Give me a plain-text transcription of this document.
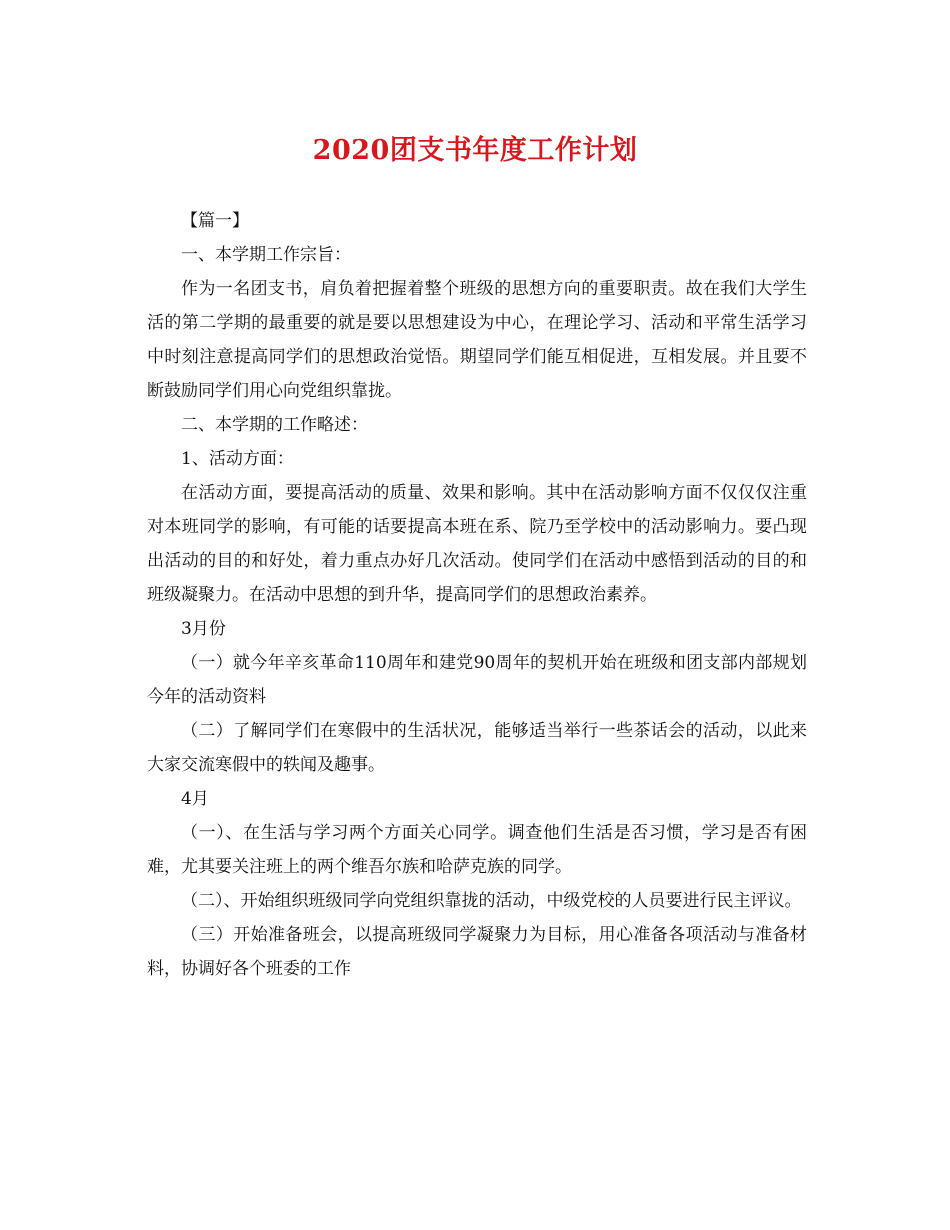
2020团支书年度工作计划

【篇一】

一、本学期工作宗旨：

作为一名团支书，肩负着把握着整个班级的思想方向的重要职责。故在我们大学生活的第二学期的最重要的就是要以思想建设为中心，在理论学习、活动和平常生活学习中时刻注意提高同学们的思想政治觉悟。期望同学们能互相促进，互相发展。并且要不断鼓励同学们用心向党组织靠拢。

二、本学期的工作略述：

1、活动方面：

在活动方面，要提高活动的质量、效果和影响。其中在活动影响方面不仅仅仅注重对本班同学的影响，有可能的话要提高本班在系、院乃至学校中的活动影响力。要凸现出活动的目的和好处，着力重点办好几次活动。使同学们在活动中感悟到活动的目的和班级凝聚力。在活动中思想的到升华，提高同学们的思想政治素养。

3月份

（一）就今年辛亥革命110周年和建党90周年的契机开始在班级和团支部内部规划今年的活动资料

（二）了解同学们在寒假中的生活状况，能够适当举行一些茶话会的活动，以此来大家交流寒假中的轶闻及趣事。

4月

（一）、在生活与学习两个方面关心同学。调查他们生活是否习惯，学习是否有困难，尤其要关注班上的两个维吾尔族和哈萨克族的同学。

（二）、开始组织班级同学向党组织靠拢的活动，中级党校的人员要进行民主评议。

（三）开始准备班会，以提高班级同学凝聚力为目标，用心准备各项活动与准备材料，协调好各个班委的工作
